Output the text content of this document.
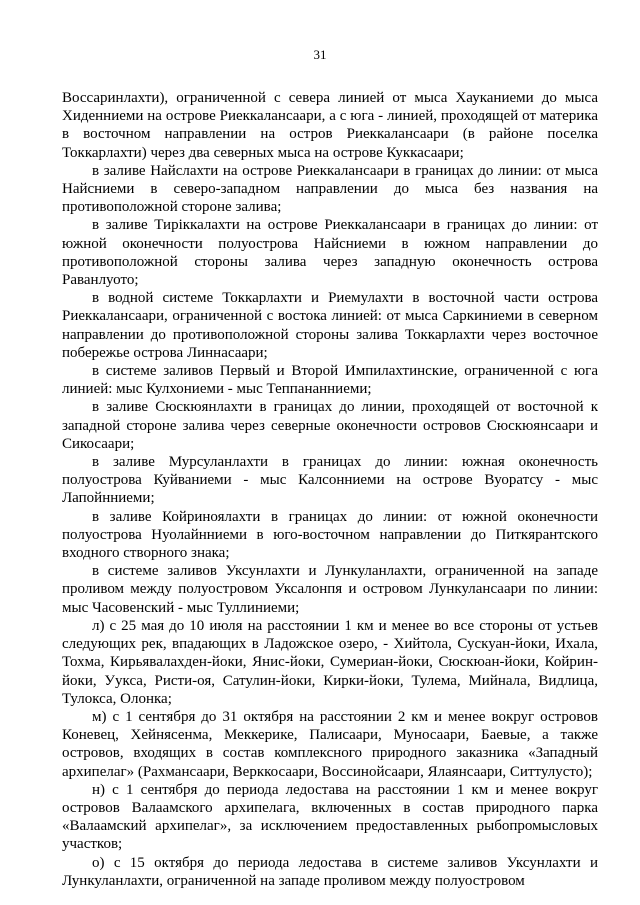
31

Воссаринлахти), ограниченной с севера линией от мыса Хауканиеми до мыса Хиденниеми на острове Риеккалансаари, а с юга - линией, проходящей от материка в восточном направлении на остров Риеккалансаари (в районе поселка Токкарлахти) через два северных мыса на острове Куккасаари;

в заливе Найслахти на острове Риеккалансаари в границах до линии: от мыса Найсниеми в северо-западном направлении до мыса без названия на противоположной стороне залива;

в заливе Тиріккалахти на острове Риеккалансаари в границах до линии: от южной оконечности полуострова Найсниеми в южном направлении до противоположной стороны залива через западную оконечность острова Раванлуото;

в водной системе Токкарлахти и Риемулахти в восточной части острова Риеккалансаари, ограниченной с востока линией: от мыса Саркиниеми в северном направлении до противоположной стороны залива Токкарлахти через восточное побережье острова Линнасаари;

в системе заливов Первый и Второй Импилахтинские, ограниченной с юга линией: мыс Кулхониеми - мыс Теппананниеми;

в заливе Сюскюянлахти в границах до линии, проходящей от восточной к западной стороне залива через северные оконечности островов Сюскюянсаари и Сикосаари;

в заливе Мурсуланлахти в границах до линии: южная оконечность полуострова Куйваниеми - мыс Калсонниеми на острове Вуоратсу - мыс Лапойнниеми;

в заливе Койриноялахти в границах до линии: от южной оконечности полуострова Нуолайнниеми в юго-восточном направлении до Питкярантского входного створного знака;

в системе заливов Уксунлахти и Лункуланлахти, ограниченной на западе проливом между полуостровом Уксалонпя и островом Лункулансаари по линии: мыс Часовенский - мыс Туллиниеми;

л) с 25 мая до 10 июля на расстоянии 1 км и менее во все стороны от устьев следующих рек, впадающих в Ладожское озеро, - Хийтола, Сускуан-йоки, Ихала, Тохма, Кирьявалахден-йоки, Янис-йоки, Сумериан-йоки, Сюскюан-йоки, Койрин-йоки, Уукса, Ристи-оя, Сатулин-йоки, Кирки-йоки, Тулема, Мийнала, Видлица, Тулокса, Олонка;

м) с 1 сентября до 31 октября на расстоянии 2 км и менее вокруг островов Коневец, Хейнясенма, Меккерике, Палисаари, Муносаари, Баевые, а также островов, входящих в состав комплексного природного заказника «Западный архипелаг» (Рахмансаари, Верккосаари, Воссинойсаари, Ялаянсаари, Ситтулусто);

н) с 1 сентября до периода ледостава на расстоянии 1 км и менее вокруг островов Валаамского архипелага, включенных в состав природного парка «Валаамский архипелаг», за исключением предоставленных рыбопромысловых участков;

о) с 15 октября до периода ледостава в системе заливов Уксунлахти и Лункуланлахти, ограниченной на западе проливом между полуостровом
